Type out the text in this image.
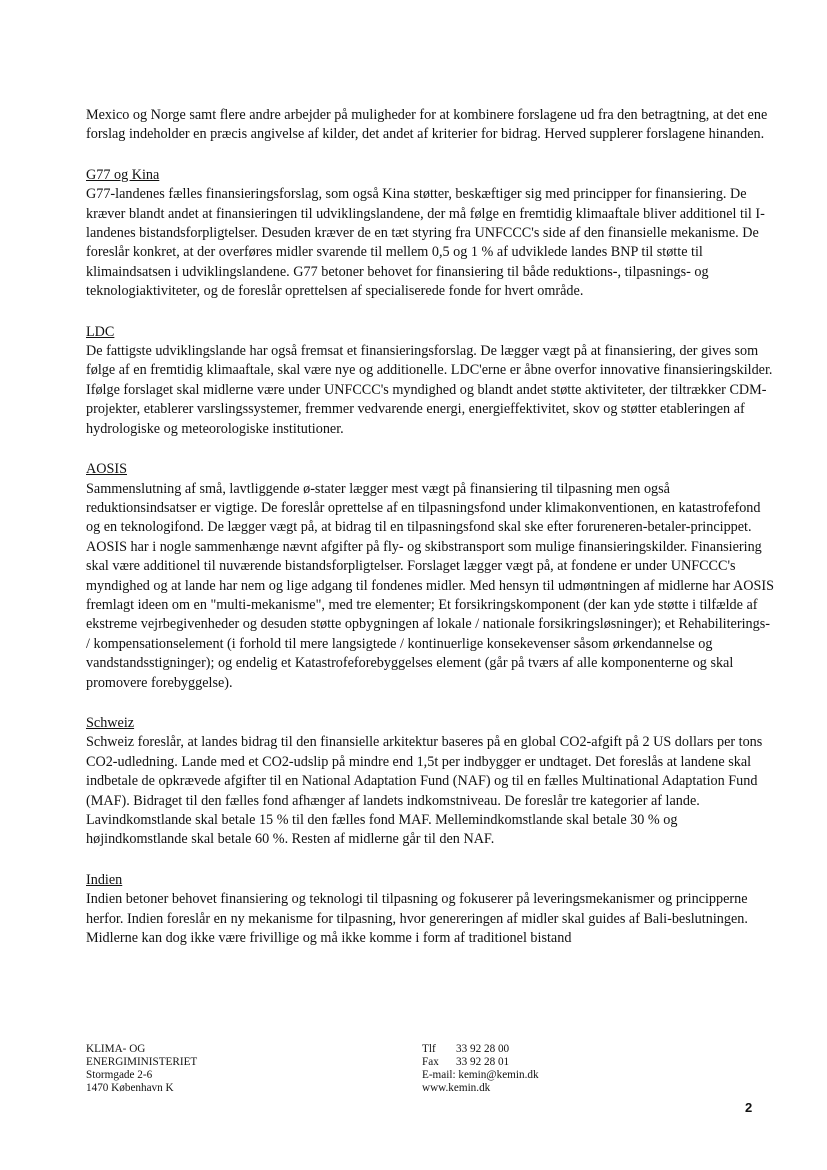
Mexico og Norge samt flere andre arbejder på muligheder for at kombinere forslagene ud fra den betragtning, at det ene forslag indeholder en præcis angivelse af kilder, det andet af kriterier for bidrag. Herved supplerer forslagene hinanden.

G77 og Kina

G77-landenes fælles finansieringsforslag, som også Kina støtter, beskæftiger sig med principper for finansiering. De kræver blandt andet at finansieringen til udviklingslandene, der må følge en fremtidig klimaaftale bliver additionel til I-landenes bistandsforpligtelser. Desuden kræver de en tæt styring fra UNFCCC's side af den finansielle mekanisme. De foreslår konkret, at der overføres midler svarende til mellem 0,5 og 1 % af udviklede landes BNP til støtte til klimaindsatsen i udviklingslandene. G77 betoner behovet for finansiering til både reduktions-, tilpasnings- og teknologiaktiviteter, og de foreslår oprettelsen af specialiserede fonde for hvert område.

LDC

De fattigste udviklingslande har også fremsat et finansieringsforslag. De lægger vægt på at finansiering, der gives som følge af en fremtidig klimaaftale, skal være nye og additionelle. LDC'erne er åbne overfor innovative finansieringskilder. Ifølge forslaget skal midlerne være under UNFCCC's myndighed og blandt andet støtte aktiviteter, der tiltrækker CDM-projekter, etablerer varslingssystemer, fremmer vedvarende energi, energieffektivitet, skov og støtter etableringen af hydrologiske og meteorologiske institutioner.

AOSIS

Sammenslutning af små, lavtliggende ø-stater lægger mest vægt på finansiering til tilpasning men også reduktionsindsatser er vigtige. De foreslår oprettelse af en tilpasningsfond under klimakonventionen, en katastrofefond og en teknologifond. De lægger vægt på, at bidrag til en tilpasningsfond skal ske efter forureneren-betaler-princippet. AOSIS har i nogle sammenhænge nævnt afgifter på fly- og skibstransport som mulige finansieringskilder. Finansiering skal være additionel til nuværende bistandsforpligtelser. Forslaget lægger vægt på, at fondene er under UNFCCC's myndighed og at lande har nem og lige adgang til fondenes midler. Med hensyn til udmøntningen af midlerne har AOSIS fremlagt ideen om en "multi-mekanisme", med tre elementer; Et forsikringskomponent (der kan yde støtte i tilfælde af ekstreme vejrbegivenheder og desuden støtte opbygningen af lokale / nationale forsikringsløsninger); et Rehabiliterings- / kompensationselement (i forhold til mere langsigtede / kontinuerlige konsekevenser såsom ørkendannelse og vandstandsstigninger); og endelig et Katastrofeforebyggelses element (går på tværs af alle komponenterne og skal promovere forebyggelse).

Schweiz

Schweiz foreslår, at landes bidrag til den finansielle arkitektur baseres på en global CO2-afgift på 2 US dollars per tons CO2-udledning. Lande med et CO2-udslip på mindre end 1,5t per indbygger er undtaget. Det foreslås at landene skal indbetale de opkrævede afgifter til en National Adaptation Fund (NAF) og til en fælles Multinational Adaptation Fund (MAF). Bidraget til den fælles fond afhænger af landets indkomstniveau. De foreslår tre kategorier af lande. Lavindkomstlande skal betale 15 % til den fælles fond MAF. Mellemindkomstlande skal betale 30 % og højindkomstlande skal betale 60 %. Resten af midlerne går til den NAF.

Indien

Indien betoner behovet finansiering og teknologi til tilpasning og fokuserer på leveringsmekanismer og principperne herfor. Indien foreslår en ny mekanisme for tilpasning, hvor genereringen af midler skal guides af Bali-beslutningen. Midlerne kan dog ikke være frivillige og må ikke komme i form af traditionel bistand

KLIMA- OG
ENERGIMINISTERIET
Stormgade 2-6
1470 København K
Tlf 33 92 28 00
Fax 33 92 28 01
E-mail: kemin@kemin.dk
www.kemin.dk
2
